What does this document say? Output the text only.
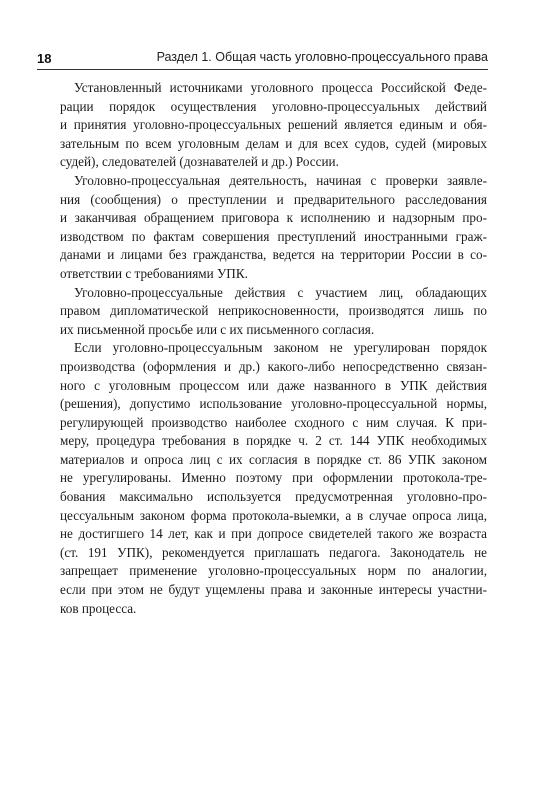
18	Раздел 1. Общая часть уголовно-процессуального права
Установленный источниками уголовного процесса Российской Феде-
рации порядок осуществления уголовно-процессуальных действий
и принятия уголовно-процессуальных решений является единым и обя-
зательным по всем уголовным делам и для всех судов, судей (мировых
судей), следователей (дознавателей и др.) России.
Уголовно-процессуальная деятельность, начиная с проверки заявле-
ния (сообщения) о преступлении и предварительного расследования
и заканчивая обращением приговора к исполнению и надзорным про-
изводством по фактам совершения преступлений иностранными граж-
данами и лицами без гражданства, ведется на территории России в со-
ответствии с требованиями УПК.
Уголовно-процессуальные действия с участием лиц, обладающих
правом дипломатической неприкосновенности, производятся лишь по
их письменной просьбе или с их письменного согласия.
Если уголовно-процессуальным законом не урегулирован порядок
производства (оформления и др.) какого-либо непосредственно связан-
ного с уголовным процессом или даже названного в УПК действия
(решения), допустимо использование уголовно-процессуальной нормы,
регулирующей производство наиболее сходного с ним случая. К при-
меру, процедура требования в порядке ч. 2 ст. 144 УПК необходимых
материалов и опроса лиц с их согласия в порядке ст. 86 УПК законом
не урегулированы. Именно поэтому при оформлении протокола-тре-
бования максимально используется предусмотренная уголовно-про-
цессуальным законом форма протокола-выемки, а в случае опроса лица,
не достигшего 14 лет, как и при допросе свидетелей такого же возраста
(ст. 191 УПК), рекомендуется приглашать педагога. Законодатель не
запрещает применение уголовно-процессуальных норм по аналогии,
если при этом не будут ущемлены права и законные интересы участни-
ков процесса.
